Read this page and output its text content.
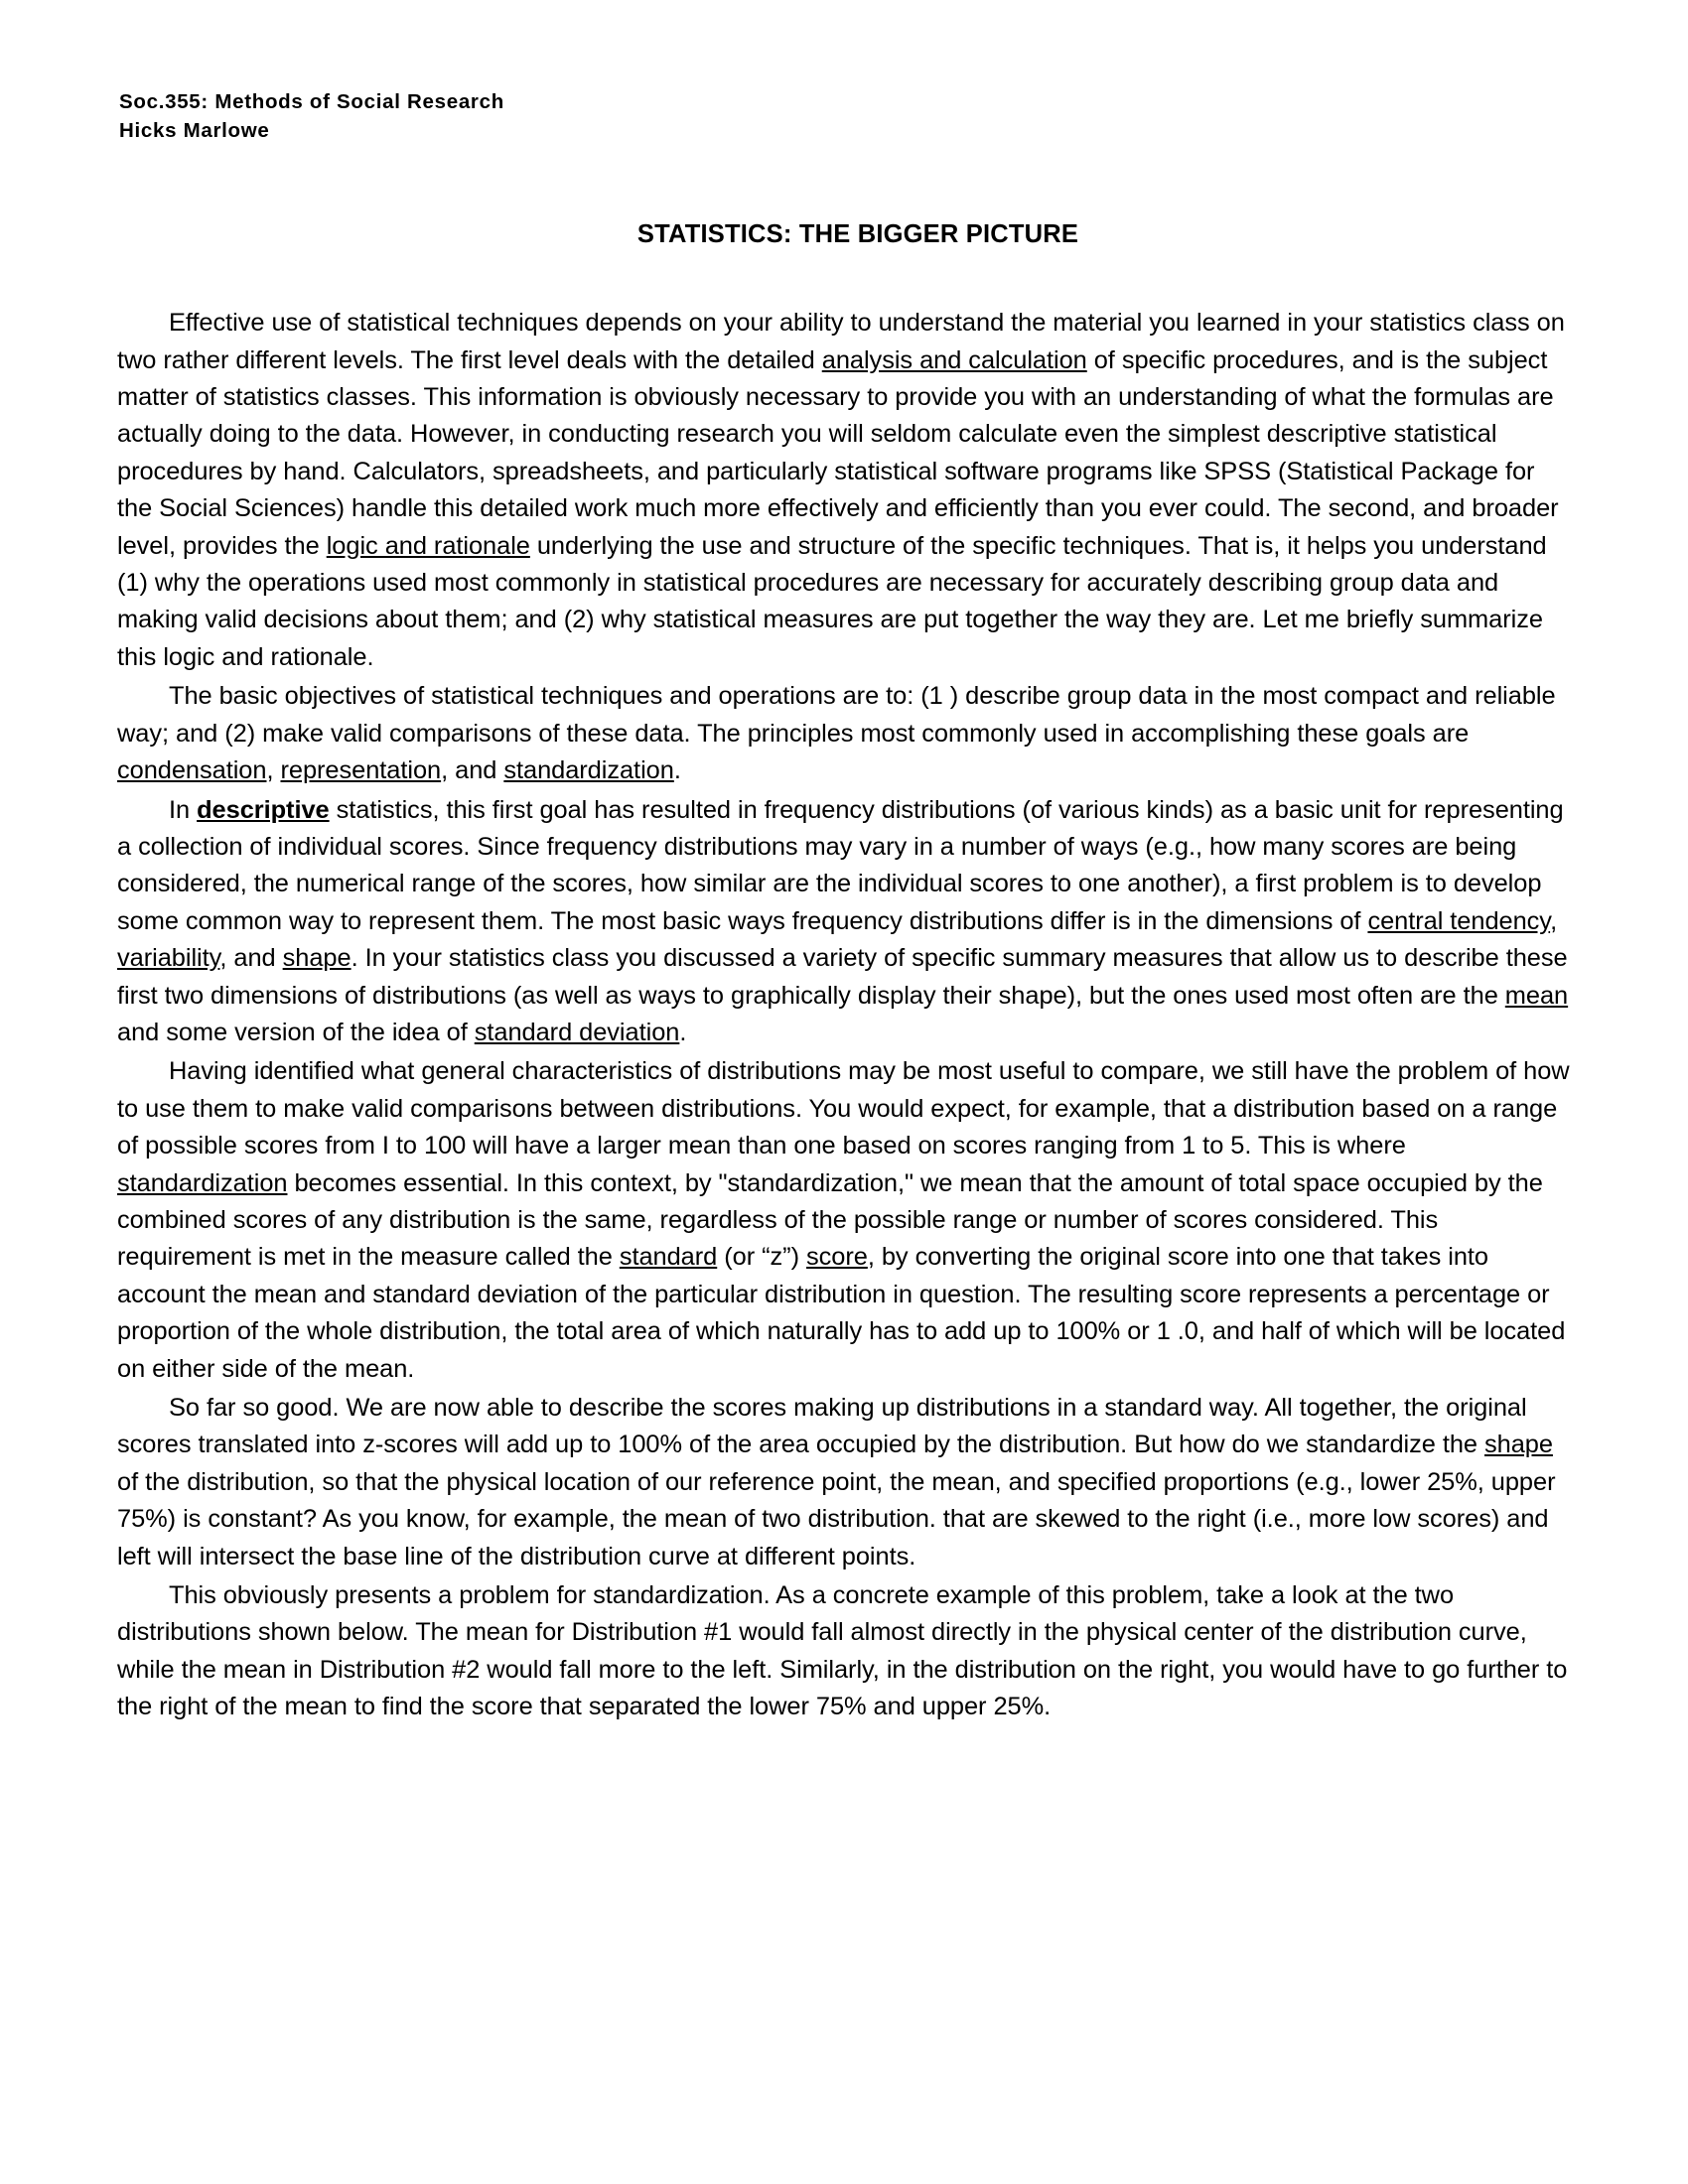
Soc.355: Methods of Social Research
Hicks Marlowe
STATISTICS: THE BIGGER PICTURE

Effective use of statistical techniques depends on your ability to understand the material you learned in your statistics class on two rather different levels. The first level deals with the detailed analysis and calculation of specific procedures, and is the subject matter of statistics classes. This information is obviously necessary to provide you with an understanding of what the formulas are actually doing to the data. However, in conducting research you will seldom calculate even the simplest descriptive statistical procedures by hand. Calculators, spreadsheets, and particularly statistical software programs like SPSS (Statistical Package for the Social Sciences) handle this detailed work much more effectively and efficiently than you ever could. The second, and broader level, provides the logic and rationale underlying the use and structure of the specific techniques. That is, it helps you understand (1) why the operations used most commonly in statistical procedures are necessary for accurately describing group data and making valid decisions about them; and (2) why statistical measures are put together the way they are. Let me briefly summarize this logic and rationale.

The basic objectives of statistical techniques and operations are to: (1 ) describe group data in the most compact and reliable way; and (2) make valid comparisons of these data. The principles most commonly used in accomplishing these goals are condensation, representation, and standardization.

In descriptive statistics, this first goal has resulted in frequency distributions (of various kinds) as a basic unit for representing a collection of individual scores. Since frequency distributions may vary in a number of ways (e.g., how many scores are being considered, the numerical range of the scores, how similar are the individual scores to one another), a first problem is to develop some common way to represent them. The most basic ways frequency distributions differ is in the dimensions of central tendency, variability, and shape. In your statistics class you discussed a variety of specific summary measures that allow us to describe these first two dimensions of distributions (as well as ways to graphically display their shape), but the ones used most often are the mean and some version of the idea of standard deviation.

Having identified what general characteristics of distributions may be most useful to compare, we still have the problem of how to use them to make valid comparisons between distributions. You would expect, for example, that a distribution based on a range of possible scores from I to 100 will have a larger mean than one based on scores ranging from 1 to 5. This is where standardization becomes essential. In this context, by "standardization," we mean that the amount of total space occupied by the combined scores of any distribution is the same, regardless of the possible range or number of scores considered. This requirement is met in the measure called the standard (or “z”) score, by converting the original score into one that takes into account the mean and standard deviation of the particular distribution in question. The resulting score represents a percentage or proportion of the whole distribution, the total area of which naturally has to add up to 100% or 1 .0, and half of which will be located on either side of the mean.

So far so good. We are now able to describe the scores making up distributions in a standard way. All together, the original scores translated into z-scores will add up to 100% of the area occupied by the distribution. But how do we standardize the shape of the distribution, so that the physical location of our reference point, the mean, and specified proportions (e.g., lower 25%, upper 75%) is constant? As you know, for example, the mean of two distribution. that are skewed to the right (i.e., more low scores) and left will intersect the base line of the distribution curve at different points.

This obviously presents a problem for standardization. As a concrete example of this problem, take a look at the two distributions shown below. The mean for Distribution #1 would fall almost directly in the physical center of the distribution curve, while the mean in Distribution #2 would fall more to the left. Similarly, in the distribution on the right, you would have to go further to the right of the mean to find the score that separated the lower 75% and upper 25%.
